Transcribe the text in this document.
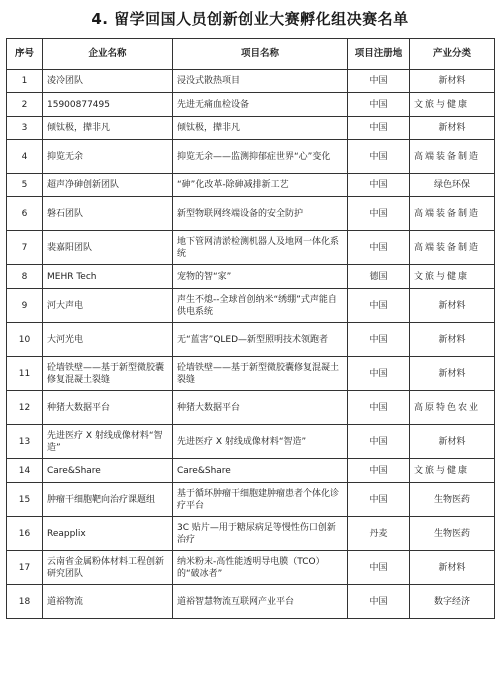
4. 留学回国人员创新创业大赛孵化组决赛名单
序号	企业名称	项目名称	项目注册地	产业分类
1	凌冷团队	浸没式散热项目	中国	新材料
2	15900877495	先进无痛血检设备	中国	文旅与健康
3	倾钛极，撵非凡	倾钛极，撵非凡	中国	新材料
4	抑览无余	抑览无余——监测抑郁症世界“心”变化	中国	高端装备制造
5	超声净砷创新团队	“砷”化改革-除砷减排新工艺	中国	绿色环保
6	磐石团队	新型物联网终端设备的安全防护	中国	高端装备制造
7	裴嘉阳团队	地下管网清淤检测机器人及地网一体化系统	中国	高端装备制造
8	MEHR Tech	宠物的智“家”	德国	文旅与健康
9	河大声电	声生不熄--全球首创纳米“绣绷”式声能自供电系统	中国	新材料
10	大河光电	无“蓝害”QLED—新型照明技术领跑者	中国	新材料
11	砼墙铁壁——基于新型微胶囊修复混凝土裂缝	砼墙铁壁——基于新型微胶囊修复混凝土裂缝	中国	新材料
12	种猪大数据平台	种猪大数据平台	中国	高原特色农业
13	先进医疗 X 射线成像材料“智造”	先进医疗 X 射线成像材料“智造”	中国	新材料
14	Care&Share	Care&Share	中国	文旅与健康
15	肿瘤干细胞靶向治疗课题组	基于循环肿瘤干细胞建肿瘤患者个体化诊疗平台	中国	生物医药
16	Reapplix	3C 贴片—用于糖尿病足等慢性伤口创新治疗	丹麦	生物医药
17	云南省金属粉体材料工程创新研究团队	纳米粉末-高性能透明导电膜（TCO）的“破冰者”	中国	新材料
18	道裕物流	道裕智慧物流互联网产业平台	中国	数字经济
